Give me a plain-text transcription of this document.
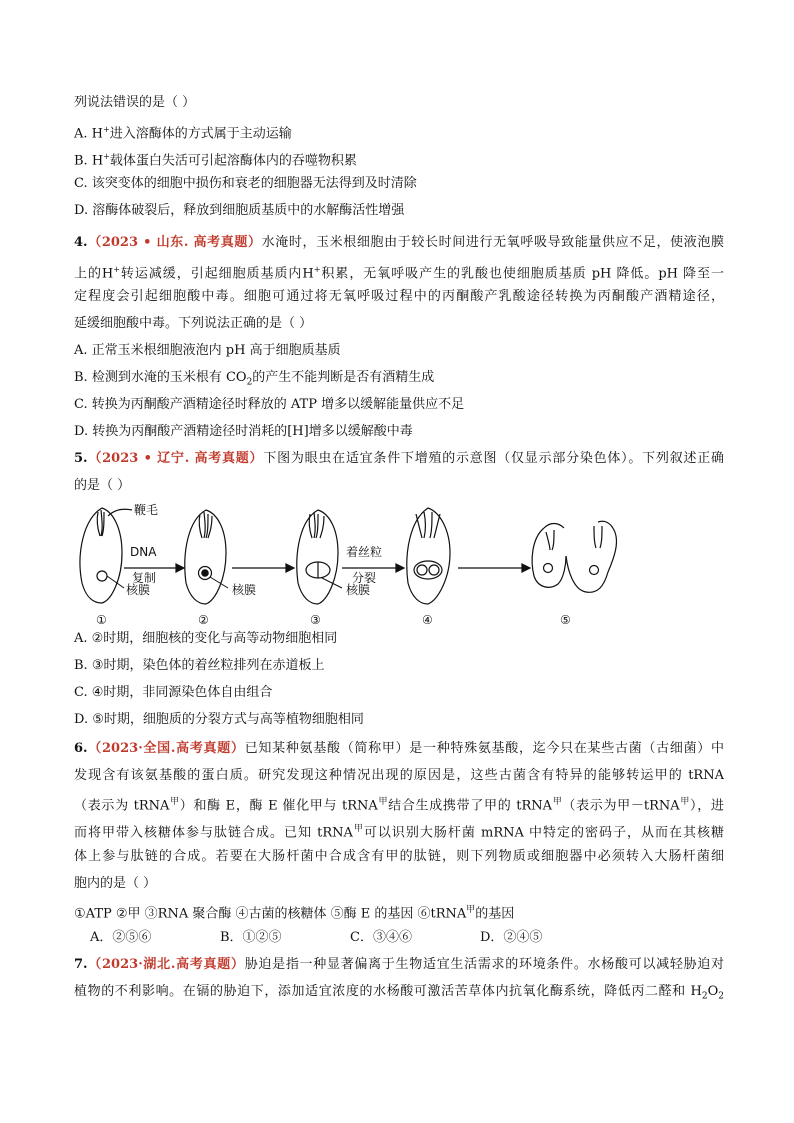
列说法错误的是（ ）
A. H+进入溶酶体的方式属于主动运输
B. H+载体蛋白失活可引起溶酶体内的吞噬物积累
C. 该突变体的细胞中损伤和衰老的细胞器无法得到及时清除
D. 溶酶体破裂后，释放到细胞质基质中的水解酶活性增强
4.（2023 • 山东. 高考真题）水淹时，玉米根细胞由于较长时间进行无氧呼吸导致能量供应不足，使液泡膜
上的H+转运减缓，引起细胞质基质内H+积累，无氧呼吸产生的乳酸也使细胞质基质 pH 降低。pH 降至一
定程度会引起细胞酸中毒。细胞可通过将无氧呼吸过程中的丙酮酸产乳酸途径转换为丙酮酸产酒精途径，
延缓细胞酸中毒。下列说法正确的是（ ）
A. 正常玉米根细胞液泡内 pH 高于细胞质基质
B. 检测到水淹的玉米根有 $CO_2$的产生不能判断是否有酒精生成
C. 转换为丙酮酸产酒精途径时释放的 ATP 增多以缓解能量供应不足
D. 转换为丙酮酸产酒精途径时消耗的[H]增多以缓解酸中毒
5.（2023 • 辽宁. 高考真题）下图为眼虫在适宜条件下增殖的示意图（仅显示部分染色体）。下列叙述正确
的是（ ）
鞭毛
DNA
复制
核膜	核膜
着丝粒
分裂
核膜
①	②	③	④	⑤
A. ②时期，细胞核的变化与高等动物细胞相同
B. ③时期，染色体的着丝粒排列在赤道板上
C. ④时期，非同源染色体自由组合
D. ⑤时期，细胞质的分裂方式与高等植物细胞相同
6.（2023·全国.高考真题）已知某种氨基酸（简称甲）是一种特殊氨基酸，迄今只在某些古菌（古细菌）中
发现含有该氨基酸的蛋白质。研究发现这种情况出现的原因是，这些古菌含有特异的能够转运甲的 tRNA
（表示为 tRNA$^甲$）和酶 E，酶 E 催化甲与 tRNA$^甲$结合生成携带了甲的 tRNA$^甲$（表示为甲－tRNA$^甲$），进
而将甲带入核糖体参与肽链合成。已知 tRNA$^甲$可以识别大肠杆菌 mRNA 中特定的密码子，从而在其核糖
体上参与肽链的合成。若要在大肠杆菌中合成含有甲的肽链，则下列物质或细胞器中必须转入大肠杆菌细
胞内的是（ ）
①ATP ②甲 ③RNA 聚合酶 ④古菌的核糖体 ⑤酶 E 的基因 ⑥tRNA$^甲$的基因
A．②⑤⑥	B．①②⑤	C．③④⑥	D．②④⑤
7.（2023·湖北.高考真题）胁迫是指一种显著偏离于生物适宜生活需求的环境条件。水杨酸可以减轻胁迫对
植物的不利影响。在镉的胁迫下，添加适宜浓度的水杨酸可激活苦草体内抗氧化酶系统，降低丙二醛和 $H_2O_2$
